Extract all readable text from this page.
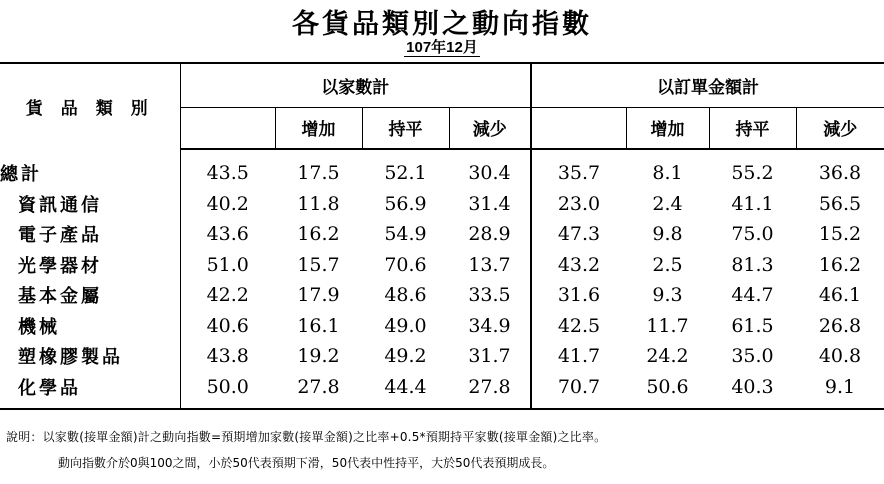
各貨品類別之動向指數
107年12月
貨 品 類 別	以家數計				以訂單金額計			
		增加	持平	減少		增加	持平	減少
總計	43.5	17.5	52.1	30.4	35.7	8.1	55.2	36.8
資訊通信	40.2	11.8	56.9	31.4	23.0	2.4	41.1	56.5
電子產品	43.6	16.2	54.9	28.9	47.3	9.8	75.0	15.2
光學器材	51.0	15.7	70.6	13.7	43.2	2.5	81.3	16.2
基本金屬	42.2	17.9	48.6	33.5	31.6	9.3	44.7	46.1
機械	40.6	16.1	49.0	34.9	42.5	11.7	61.5	26.8
塑橡膠製品	43.8	19.2	49.2	31.7	41.7	24.2	35.0	40.8
化學品	50.0	27.8	44.4	27.8	70.7	50.6	40.3	9.1
說明：以家數(接單金額)計之動向指數=預期增加家數(接單金額)之比率+0.5*預期持平家數(接單金額)之比率。
動向指數介於0與100之間，小於50代表預期下滑，50代表中性持平，大於50代表預期成長。
